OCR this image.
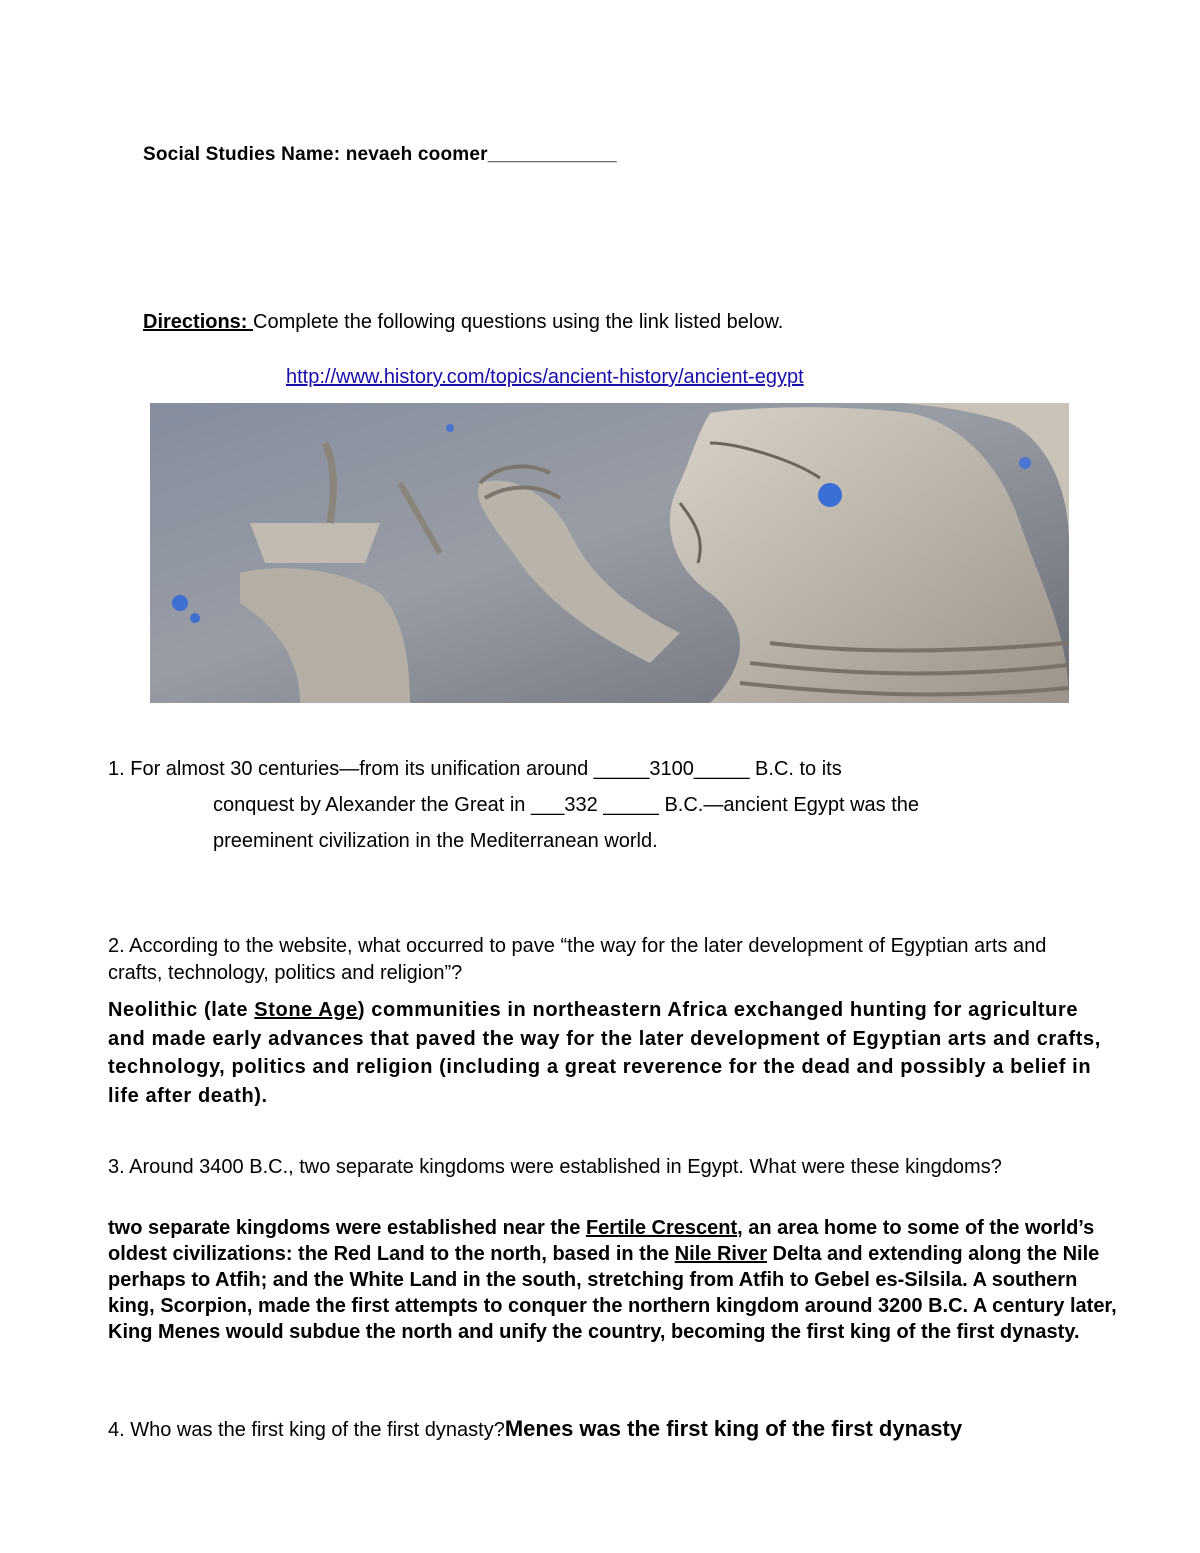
Social Studies Name: nevaeh coomer____________
Directions: Complete the following questions using the link listed below.
http://www.history.com/topics/ancient-history/ancient-egypt
1. For almost 30 centuries—from its unification around _____3100_____ B.C. to its
conquest by Alexander the Great in ___332 _____ B.C.—ancient Egypt was the
preeminent civilization in the Mediterranean world.
2. According to the website, what occurred to pave “the way for the later development of Egyptian arts and crafts, technology, politics and religion”?
Neolithic (late Stone Age) communities in northeastern Africa exchanged hunting for agriculture and made early advances that paved the way for the later development of Egyptian arts and crafts, technology, politics and religion (including a great reverence for the dead and possibly a belief in life after death).
3. Around 3400 B.C., two separate kingdoms were established in Egypt. What were these kingdoms?
two separate kingdoms were established near the Fertile Crescent, an area home to some of the world’s oldest civilizations: the Red Land to the north, based in the Nile River Delta and extending along the Nile perhaps to Atfih; and the White Land in the south, stretching from Atfih to Gebel es-Silsila. A southern king, Scorpion, made the first attempts to conquer the northern kingdom around 3200 B.C. A century later, King Menes would subdue the north and unify the country, becoming the first king of the first dynasty.
4. Who was the first king of the first dynasty?Menes was the first king of the first dynasty
